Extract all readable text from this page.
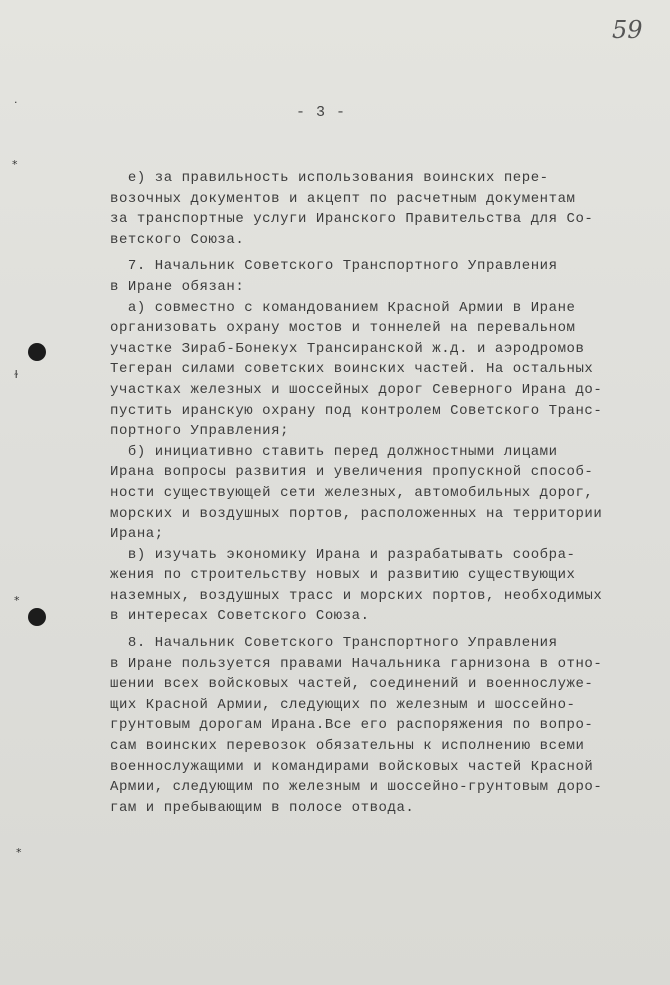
59
- 3 -
·
*
ɫ
*
*
е) за правильность использования воинских пере-
возочных документов и акцепт по расчетным документам
за транспортные услуги Иранского Правительства для Со-
ветского Союза.
7. Начальник Советского Транспортного Управления
в Иране обязан:
а) совместно с командованием Красной Армии в Иране
организовать охрану мостов и тоннелей на перевальном
участке Зираб-Бонекух Трансиранской ж.д. и аэродромов
Тегеран силами советских воинских частей. На остальных
участках железных и шоссейных дорог Северного Ирана до-
пустить иранскую охрану под контролем Советского Транс-
портного Управления;
б) инициативно ставить перед должностными лицами
Ирана вопросы развития и увеличения пропускной способ-
ности существующей сети железных, автомобильных дорог,
морских и воздушных портов, расположенных на территории
Ирана;
в) изучать экономику Ирана и разрабатывать сообра-
жения по строительству новых и развитию существующих
наземных, воздушных трасс и морских портов, необходимых
в интересах Советского Союза.
8. Начальник Советского Транспортного Управления
в Иране пользуется правами Начальника гарнизона в отно-
шении всех войсковых частей, соединений и военнослуже-
щих Красной Армии, следующих по железным и шоссейно-
грунтовым дорогам Ирана.Все его распоряжения по вопро-
сам воинских перевозок обязательны к исполнению всеми
военнослужащими и командирами войсковых частей Красной
Армии, следующим по железным и шоссейно-грунтовым доро-
гам и пребывающим в полосе отвода.
